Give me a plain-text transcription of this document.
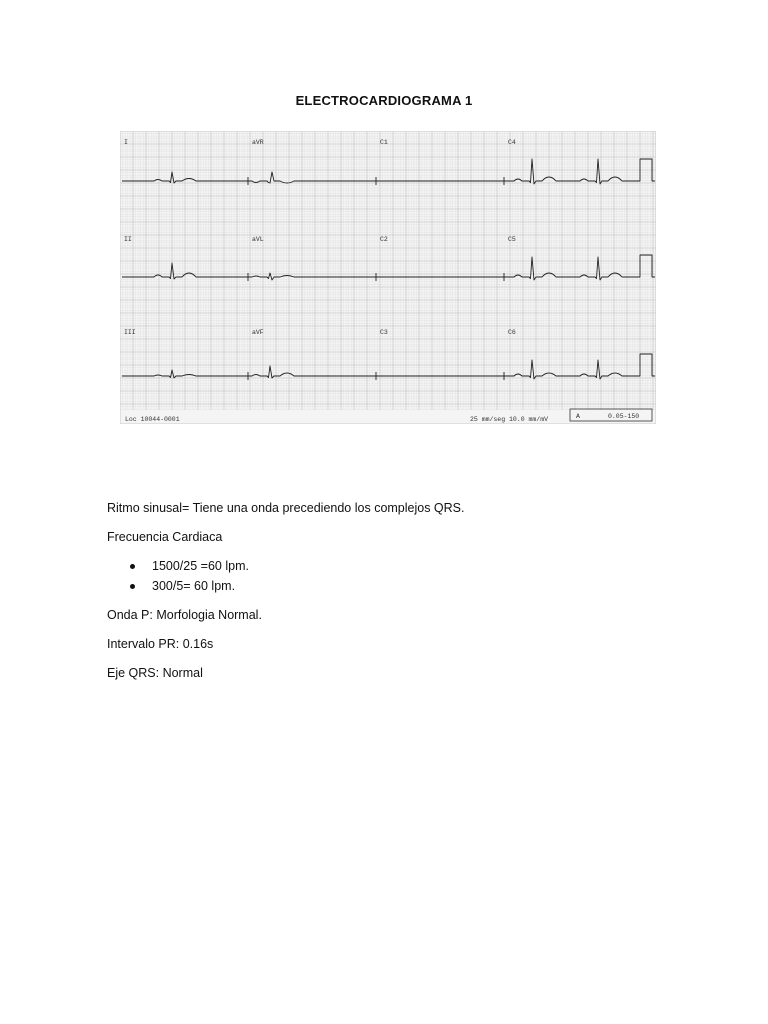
ELECTROCARDIOGRAMA 1
I	aVR	C1	C4
II	aVL	C2	C5
III	aVF	C3	C6
Loc 10044-0001	25 mm/seg 10.0 mm/mV	A	0.05-150

Ritmo sinusal= Tiene una onda precediendo los complejos QRS.

Frecuencia Cardiaca

1500/25 =60 lpm.
300/5= 60 lpm.

Onda P: Morfologia Normal.

Intervalo PR: 0.16s

Eje QRS: Normal
